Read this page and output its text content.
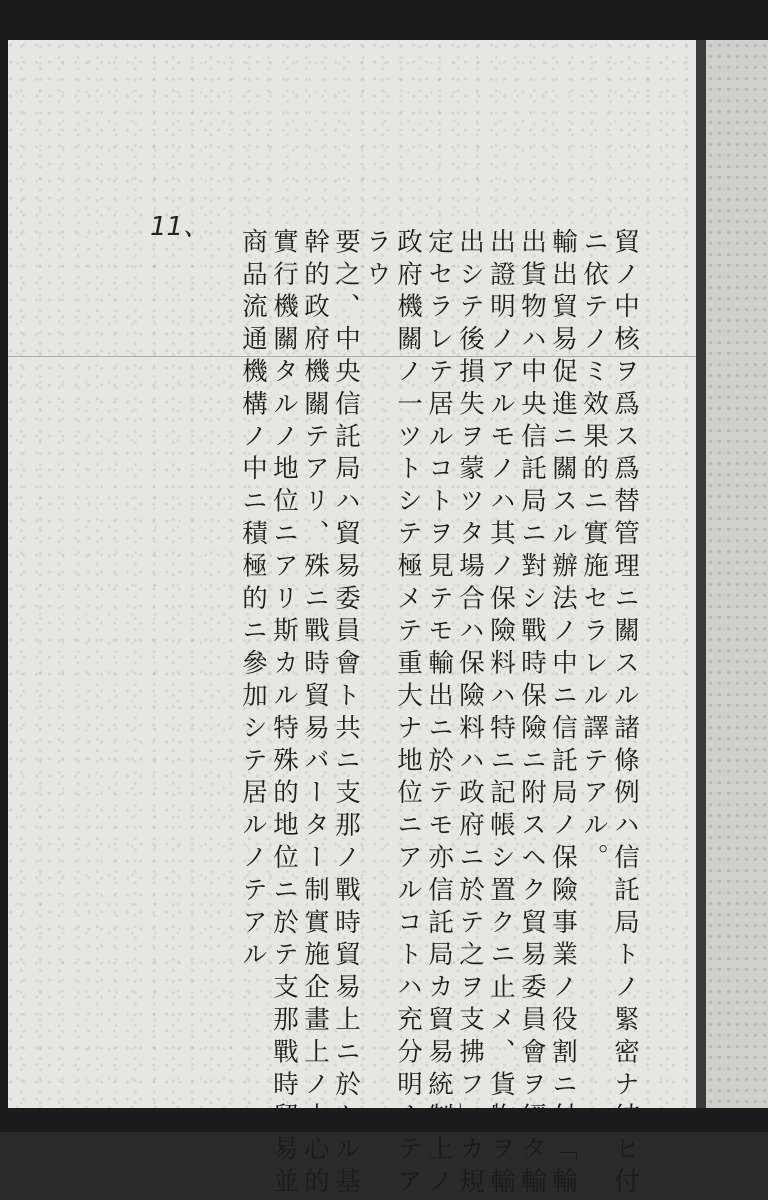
11、
貿ノ中核ヲ爲ス爲替管理ニ關スル諸條例ハ信託局トノ緊密ナ結ヒ付
ニ依テノミ效果的ニ實施セラレル譯テアル。
輸出貿易促進ニ關スル辦法ノ中ニ信託局ノ保險事業ノ役割ニ付「輸
出貨物ハ中央信託局ニ對シ戰時保險ニ附スヘク貿易委員會ヲ經タ輸
出證明ノアルモノハ其ノ保險料ハ特ニ記帳シ置クニ止メ、貨物ヲ輸
出シテ後損失ヲ蒙ツタ場合ハ保險料ハ政府ニ於テ之ヲ支拂フ」カ規
定セラレテ居ルコトヲ見テモ輸出ニ於テモ亦信託局カ貿易統制上ノ
政府機關ノ一ツトシテ極メテ重大ナ地位ニアルコトハ充分明カテア
ラウ
要之、中央信託局ハ貿易委員會ト共ニ支那ノ戰時貿易上ニ於ケル基
幹的政府機關テアリ、殊ニ戰時貿易バーター制實施企畫上ノ中心的
實行機關タルノ地位ニアリ斯カル特殊的地位ニ於テ支那戰時貿易並
商品流通機構ノ中ニ積極的ニ參加シテ居ルノテアル
